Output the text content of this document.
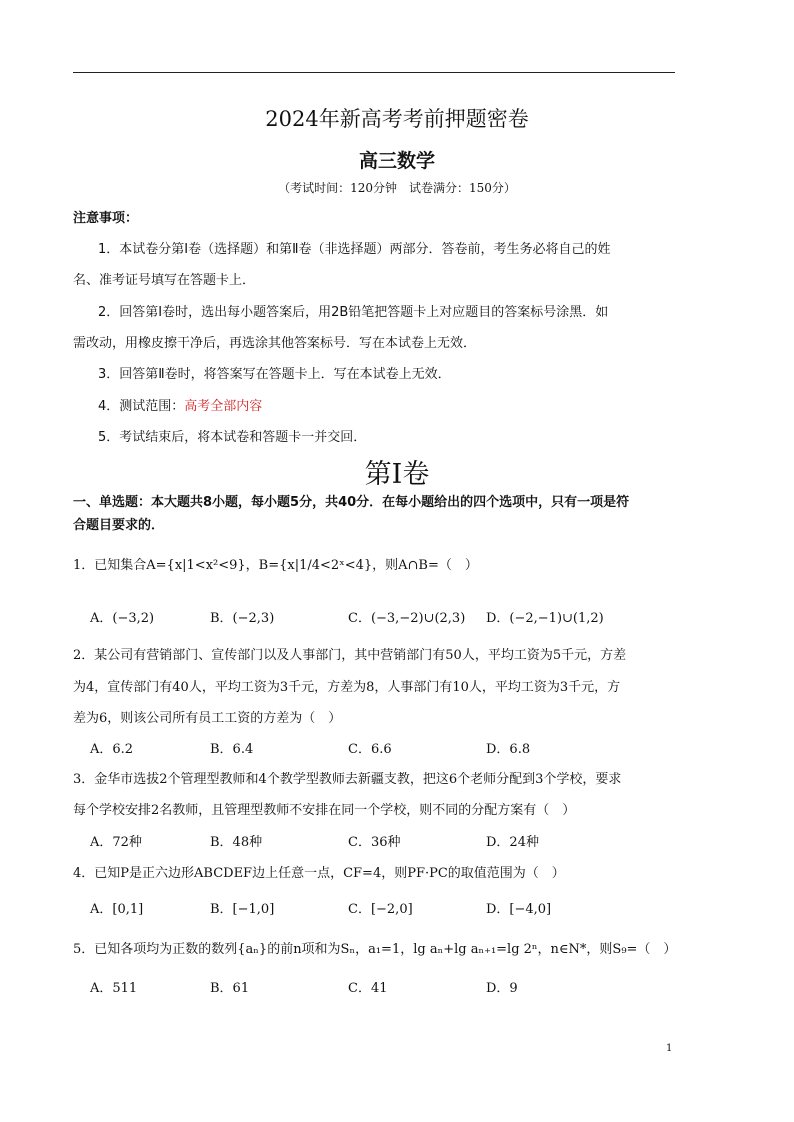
2024年新高考考前押题密卷
高三数学
（考试时间：120分钟　试卷满分：150分）
注意事项：
1．本试卷分第Ⅰ卷（选择题）和第Ⅱ卷（非选择题）两部分．答卷前，考生务必将自己的姓
名、准考证号填写在答题卡上．
2．回答第Ⅰ卷时，选出每小题答案后，用2B铅笔把答题卡上对应题目的答案标号涂黑．如
需改动，用橡皮擦干净后，再选涂其他答案标号．写在本试卷上无效．
3．回答第Ⅱ卷时，将答案写在答题卡上．写在本试卷上无效．
4．测试范围：高考全部内容
5．考试结束后，将本试卷和答题卡一并交回．
第Ⅰ卷
一、单选题：本大题共8小题，每小题5分，共40分．在每小题给出的四个选项中，只有一项是符
合题目要求的．
1．已知集合A={x|1<x²<9}，B={x|1/4<2ˣ<4}，则A∩B=（　）
A．(−3,2)	B．(−2,3)	C．(−3,−2)∪(2,3) D．(−2,−1)∪(1,2)
2．某公司有营销部门、宣传部门以及人事部门，其中营销部门有50人，平均工资为5千元，方差
为4，宣传部门有40人，平均工资为3千元，方差为8，人事部门有10人，平均工资为3千元，方
差为6，则该公司所有员工工资的方差为（　）
A．6.2	B．6.4	C．6.6	D．6.8
3．金华市选拔2个管理型教师和4个教学型教师去新疆支教，把这6个老师分配到3个学校，要求
每个学校安排2名教师，且管理型教师不安排在同一个学校，则不同的分配方案有（　）
A．72种	B．48种	C．36种	D．24种
4．已知P是正六边形ABCDEF边上任意一点，CF=4，则PF·PC的取值范围为（　）
A．[0,1]	B．[−1,0]	C．[−2,0]	D．[−4,0]
5．已知各项均为正数的数列{aₙ}的前n项和为Sₙ，a₁=1，lg aₙ+lg aₙ₊₁=lg 2ⁿ，n∈N*，则S₉=（　）
A．511	B．61	C．41	D．9
1
